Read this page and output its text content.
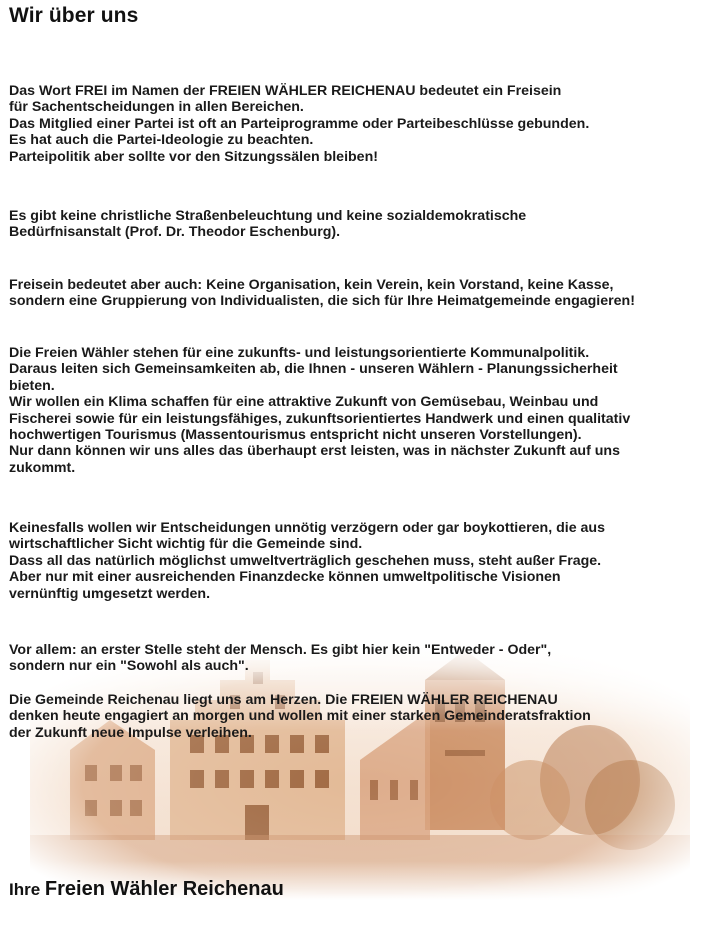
Wir über uns

Das Wort FREI im Namen der FREIEN WÄHLER REICHENAU bedeutet ein Freisein
für Sachentscheidungen in allen Bereichen.
Das Mitglied einer Partei ist oft an Parteiprogramme oder Parteibeschlüsse gebunden.
Es hat auch die Partei-Ideologie zu beachten.
Parteipolitik aber sollte vor den Sitzungssälen bleiben!

Es gibt keine christliche Straßenbeleuchtung und keine sozialdemokratische
Bedürfnisanstalt (Prof. Dr. Theodor Eschenburg).

Freisein bedeutet aber auch: Keine Organisation, kein Verein, kein Vorstand, keine Kasse,
sondern eine Gruppierung von Individualisten, die sich für Ihre Heimatgemeinde engagieren!

Die Freien Wähler stehen für eine zukunfts- und leistungsorientierte Kommunalpolitik.
Daraus leiten sich Gemeinsamkeiten ab, die Ihnen - unseren Wählern - Planungssicherheit
bieten.
Wir wollen ein Klima schaffen für eine attraktive Zukunft von Gemüsebau, Weinbau und
Fischerei sowie für ein leistungsfähiges, zukunftsorientiertes Handwerk und einen qualitativ
hochwertigen Tourismus (Massentourismus entspricht nicht unseren Vorstellungen).
Nur dann können wir uns alles das überhaupt erst leisten, was in nächster Zukunft auf uns
zukommt.

Keinesfalls wollen wir Entscheidungen unnötig verzögern oder gar boykottieren, die aus
wirtschaftlicher Sicht wichtig für die Gemeinde sind.
Dass all das natürlich möglichst umweltverträglich geschehen muss, steht außer Frage.
Aber nur mit einer ausreichenden Finanzdecke können umweltpolitische Visionen
vernünftig umgesetzt werden.

Vor allem: an erster Stelle steht der Mensch. Es gibt hier kein "Entweder - Oder",
sondern nur ein "Sowohl als auch".

Die Gemeinde Reichenau liegt uns am Herzen. Die FREIEN WÄHLER REICHENAU
denken heute engagiert an morgen und wollen mit einer starken Gemeinderatsfraktion
der Zukunft neue Impulse verleihen.

Ihre Freien Wähler Reichenau
